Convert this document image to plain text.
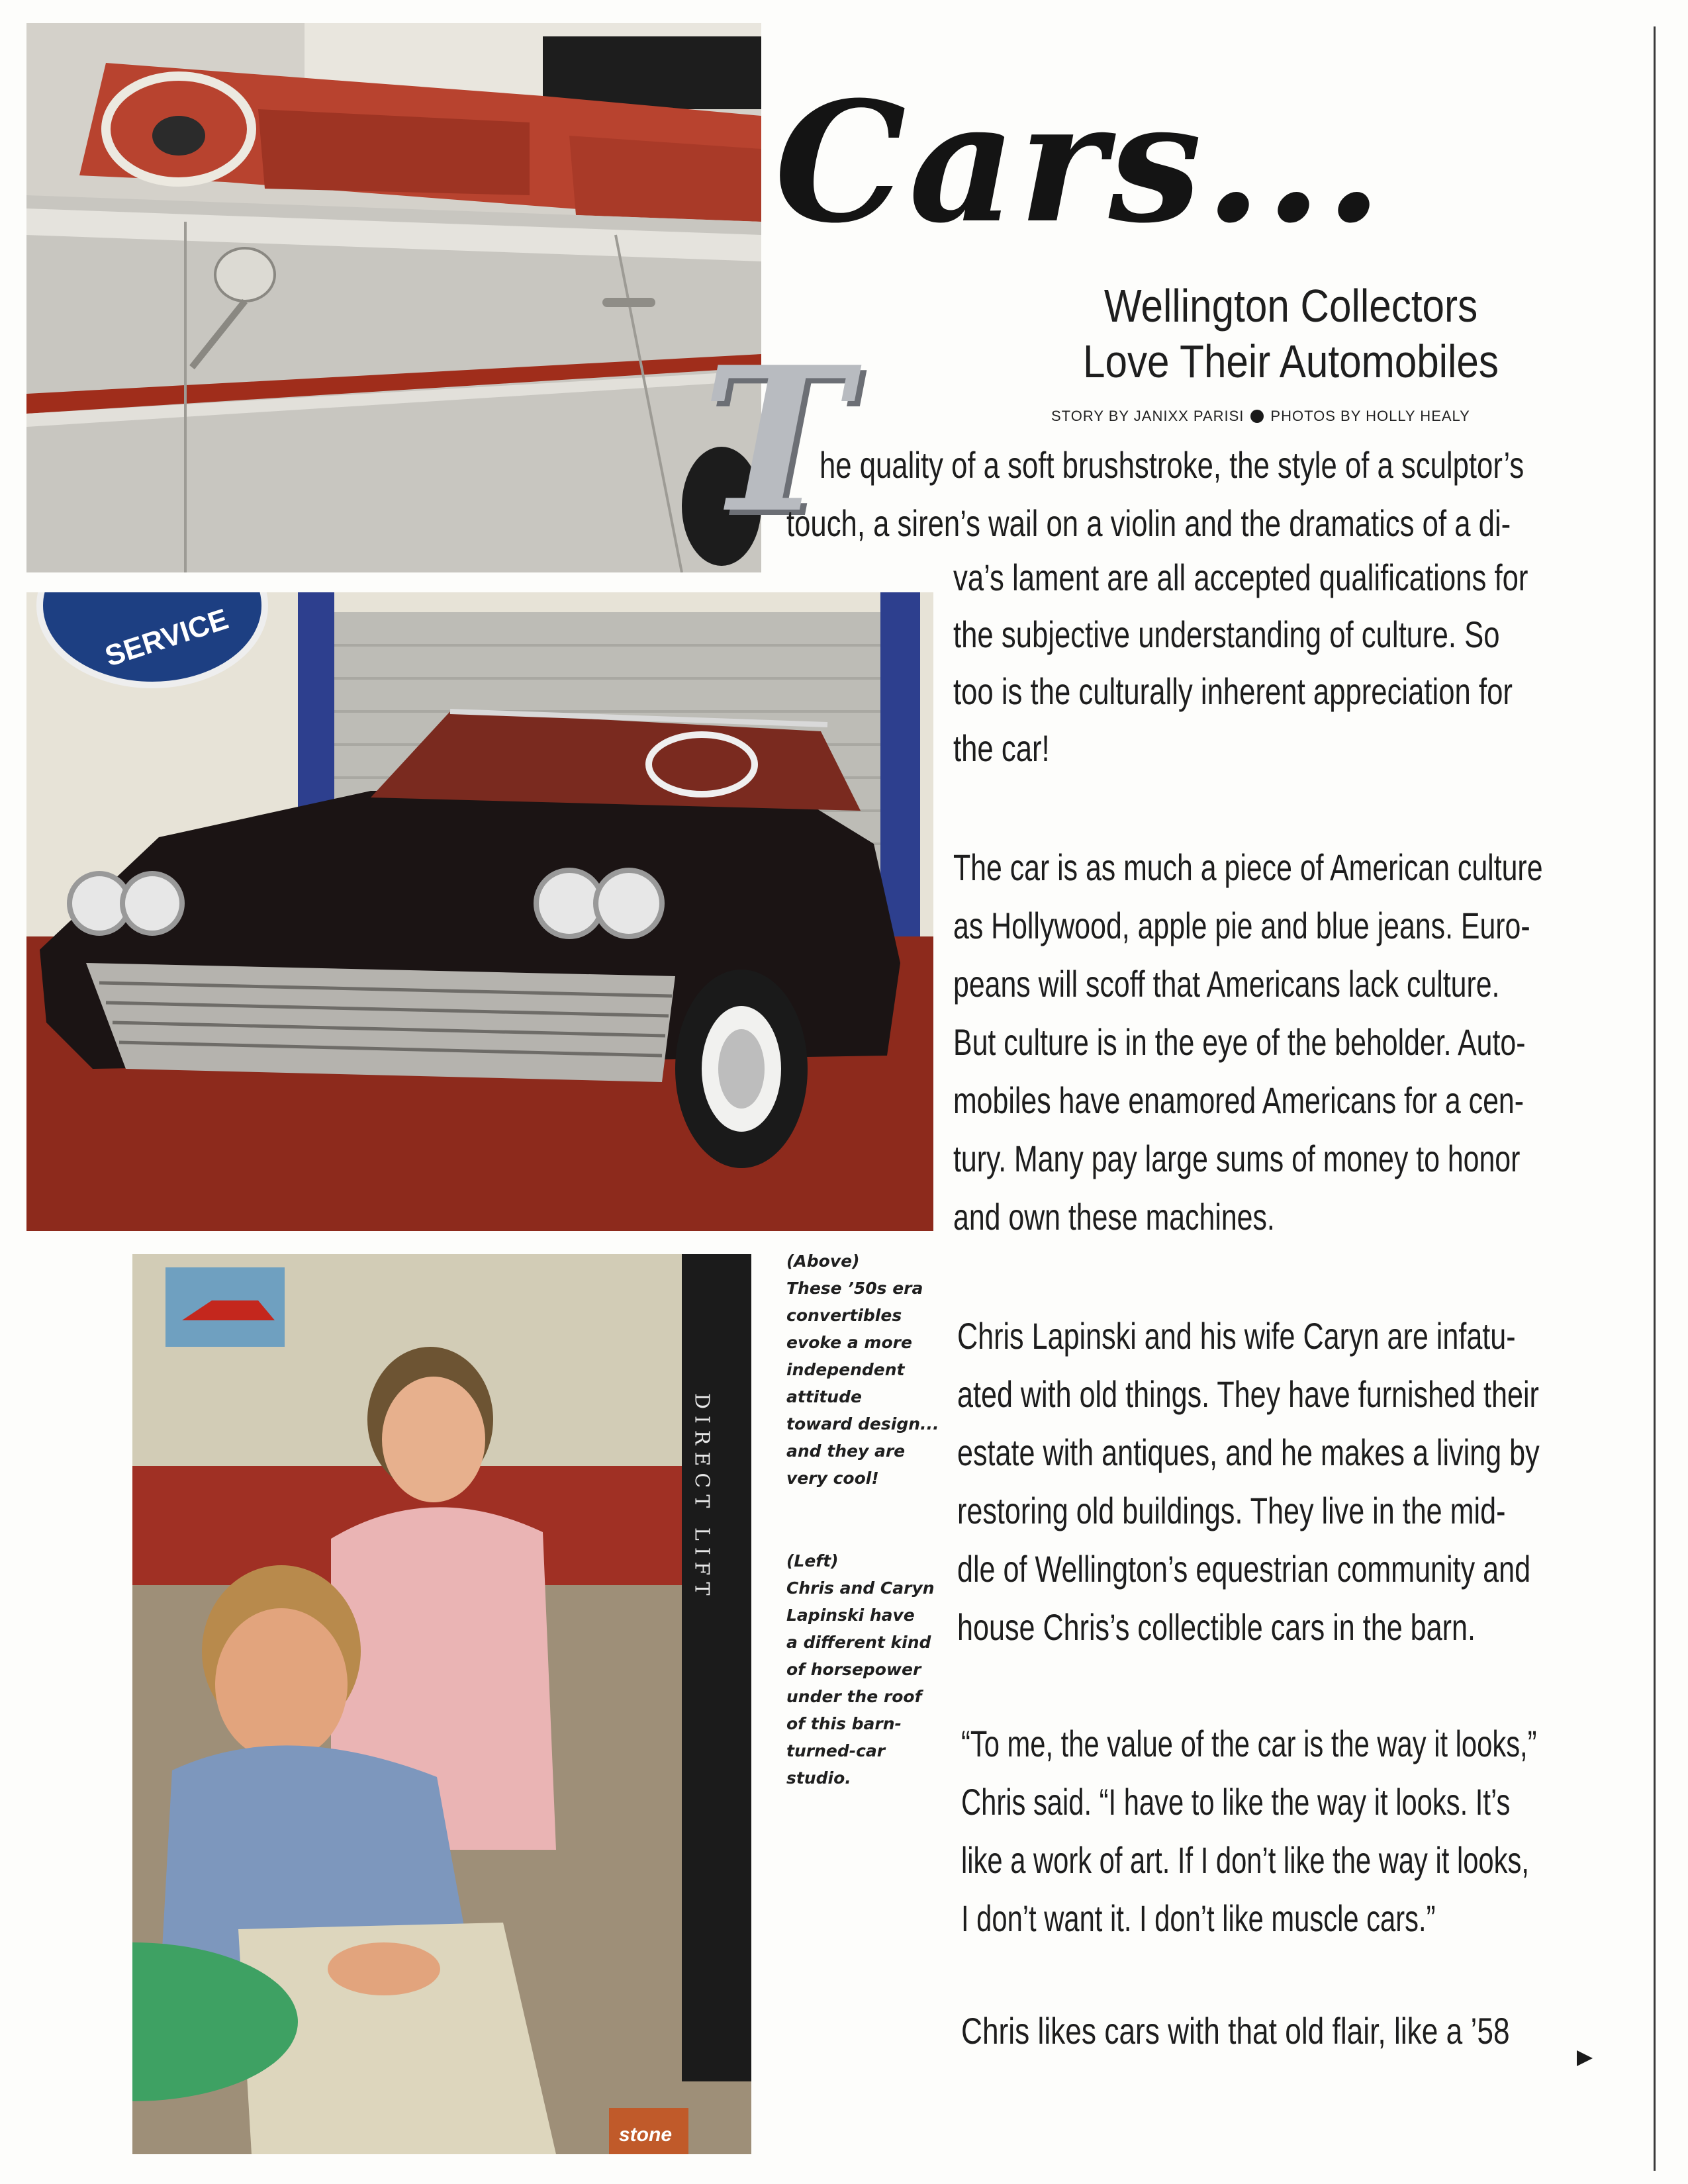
SERVICE
DIRECT LIFT
stone
Cars...
Wellington Collectors
Love Their Automobiles
STORY BY JANIXX PARISI PHOTOS BY HOLLY HEALY
T
he quality of a soft brushstroke, the style of a sculptor’s
touch, a siren’s wail on a violin and the dramatics of a di-
va’s lament are all accepted qualifications for
the subjective understanding of culture. So
too is the culturally inherent appreciation for
the car!
The car is as much a piece of American culture
as Hollywood, apple pie and blue jeans. Euro-
peans will scoff that Americans lack culture.
But culture is in the eye of the beholder. Auto-
mobiles have enamored Americans for a cen-
tury. Many pay large sums of money to honor
and own these machines.
Chris Lapinski and his wife Caryn are infatu-
ated with old things. They have furnished their
estate with antiques, and he makes a living by
restoring old buildings. They live in the mid-
dle of Wellington’s equestrian community and
house Chris’s collectible cars in the barn.
“To me, the value of the car is the way it looks,”
Chris said. “I have to like the way it looks. It’s
like a work of art. If I don’t like the way it looks,
I don’t want it. I don’t like muscle cars.”
Chris likes cars with that old flair, like a ’58
(Above)
These ’50s era
convertibles
evoke a more
independent
attitude
toward design...
and they are
very cool!
(Left)
Chris and Caryn
Lapinski have
a different kind
of horsepower
under the roof
of this barn-
turned-car
studio.
